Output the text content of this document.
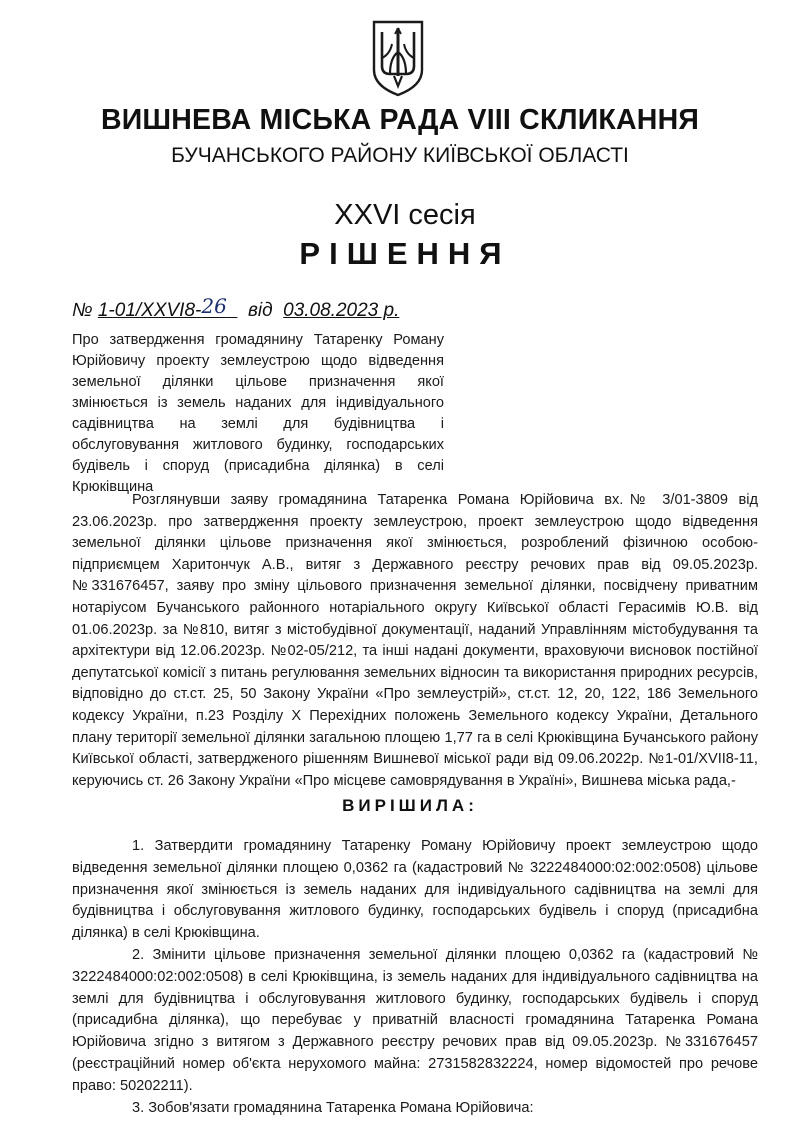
ВИШНЕВА МІСЬКА РАДА VIII СКЛИКАННЯ
БУЧАНСЬКОГО РАЙОНУ КИЇВСЬКОЇ ОБЛАСТІ
XXVI сесія
РІШЕННЯ
№ 1-01/XXVI8-26 від 03.08.2023 р.
Про затвердження громадянину Татаренку Роману Юрійовичу проекту землеустрою щодо відведення земельної ділянки цільове призначення якої змінюється із земель наданих для індивідуального садівництва на землі для будівництва і обслуговування житлового будинку, господарських будівель і споруд (присадибна ділянка) в селі Крюківщина

Розглянувши заяву громадянина Татаренка Романа Юрійовича вх.№ 3/01-3809 від 23.06.2023р. про затвердження проекту землеустрою, проект землеустрою щодо відведення земельної ділянки цільове призначення якої змінюється, розроблений фізичною особою-підприємцем Харитончук А.В., витяг з Державного реєстру речових прав від 09.05.2023р. №331676457, заяву про зміну цільового призначення земельної ділянки, посвідчену приватним нотаріусом Бучанського районного нотаріального округу Київської області Герасимів Ю.В. від 01.06.2023р. за №810, витяг з містобудівної документації, наданий Управлінням містобудування та архітектури від 12.06.2023р. №02-05/212, та інші надані документи, враховуючи висновок постійної депутатської комісії з питань регулювання земельних відносин та використання природних ресурсів, відповідно до ст.ст. 25, 50 Закону України «Про землеустрій», ст.ст. 12, 20, 122, 186 Земельного кодексу України, п.23 Розділу Х Перехідних положень Земельного кодексу України, Детального плану території земельної ділянки загальною площею 1,77 га в селі Крюківщина Бучанського району Київської області, затвердженого рішенням Вишневої міської ради від 09.06.2022р. №1-01/XVII8-11, керуючись ст. 26 Закону України «Про місцеве самоврядування в Україні», Вишнева міська рада,-

ВИРІШИЛА:

1. Затвердити громадянину Татаренку Роману Юрійовичу проект землеустрою щодо відведення земельної ділянки площею 0,0362 га (кадастровий № 3222484000:02:002:0508) цільове призначення якої змінюється із земель наданих для індивідуального садівництва на землі для будівництва і обслуговування житлового будинку, господарських будівель і споруд (присадибна ділянка) в селі Крюківщина.

2. Змінити цільове призначення земельної ділянки площею 0,0362 га (кадастровий № 3222484000:02:002:0508) в селі Крюківщина, із земель наданих для індивідуального садівництва на землі для будівництва і обслуговування житлового будинку, господарських будівель і споруд (присадибна ділянка), що перебуває у приватній власності громадянина Татаренка Романа Юрійовича згідно з витягом з Державного реєстру речових прав від 09.05.2023р. №331676457 (реєстраційний номер об'єкта нерухомого майна: 2731582832224, номер відомостей про речове право: 50202211).

3. Зобов'язати громадянина Татаренка Романа Юрійовича:
